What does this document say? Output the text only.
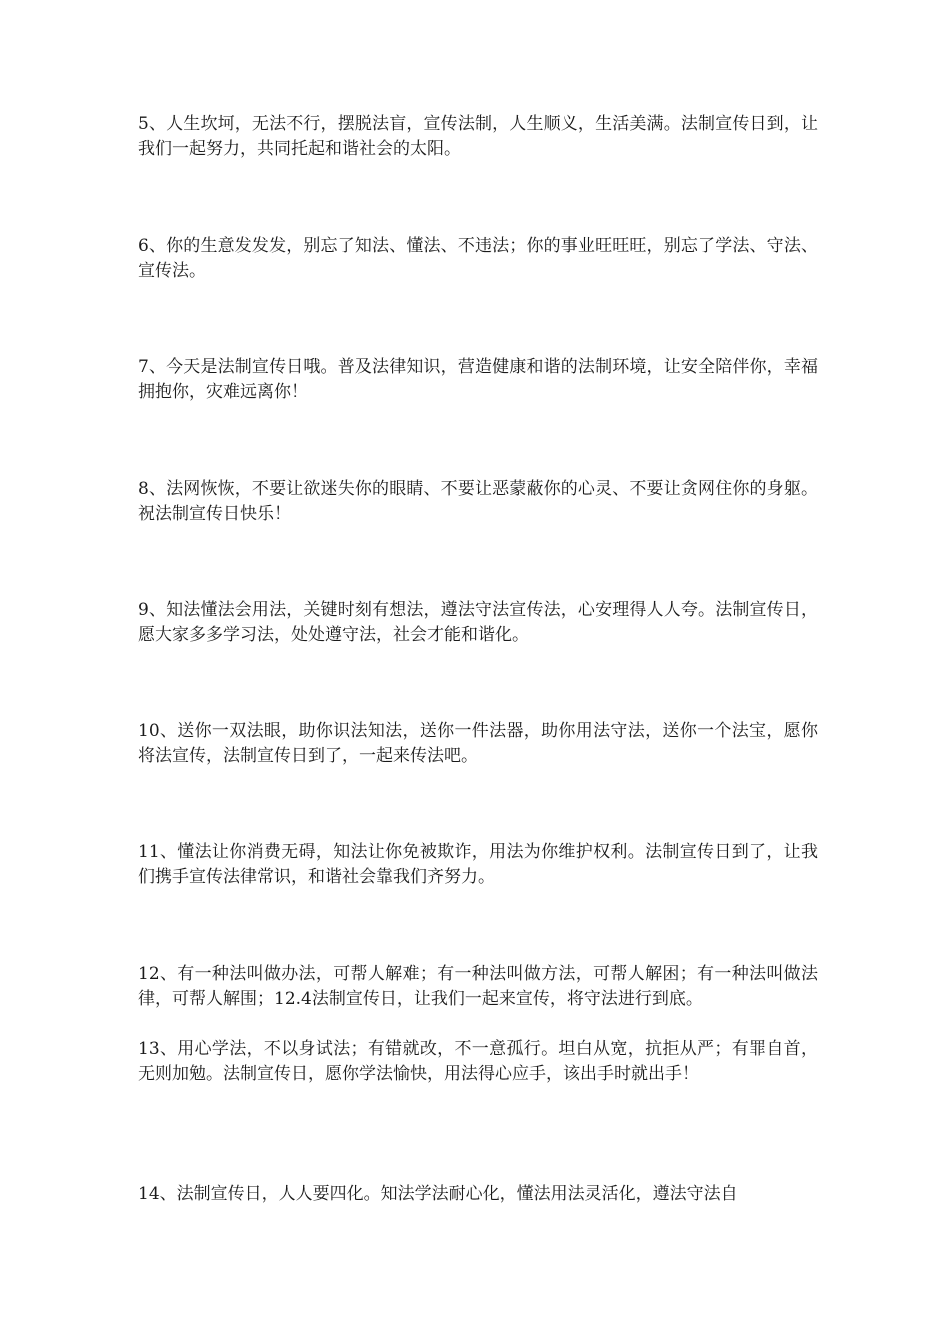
5、人生坎坷，无法不行，摆脱法盲，宣传法制，人生顺义，生活美满。法制宣传日到，让我们一起努力，共同托起和谐社会的太阳。

6、你的生意发发发，别忘了知法、懂法、不违法；你的事业旺旺旺，别忘了学法、守法、宣传法。

7、今天是法制宣传日哦。普及法律知识，营造健康和谐的法制环境，让安全陪伴你，幸福拥抱你，灾难远离你！

8、法网恢恢，不要让欲迷失你的眼睛、不要让恶蒙蔽你的心灵、不要让贪网住你的身躯。祝法制宣传日快乐！

9、知法懂法会用法，关键时刻有想法，遵法守法宣传法，心安理得人人夸。法制宣传日，愿大家多多学习法，处处遵守法，社会才能和谐化。

10、送你一双法眼，助你识法知法，送你一件法器，助你用法守法，送你一个法宝，愿你将法宣传，法制宣传日到了，一起来传法吧。

11、懂法让你消费无碍，知法让你免被欺诈，用法为你维护权利。法制宣传日到了，让我们携手宣传法律常识，和谐社会靠我们齐努力。

12、有一种法叫做办法，可帮人解难；有一种法叫做方法，可帮人解困；有一种法叫做法律，可帮人解围；12.4法制宣传日，让我们一起来宣传，将守法进行到底。

13、用心学法，不以身试法；有错就改，不一意孤行。坦白从宽，抗拒从严；有罪自首，无则加勉。法制宣传日，愿你学法愉快，用法得心应手，该出手时就出手！

14、法制宣传日，人人要四化。知法学法耐心化，懂法用法灵活化，遵法守法自
